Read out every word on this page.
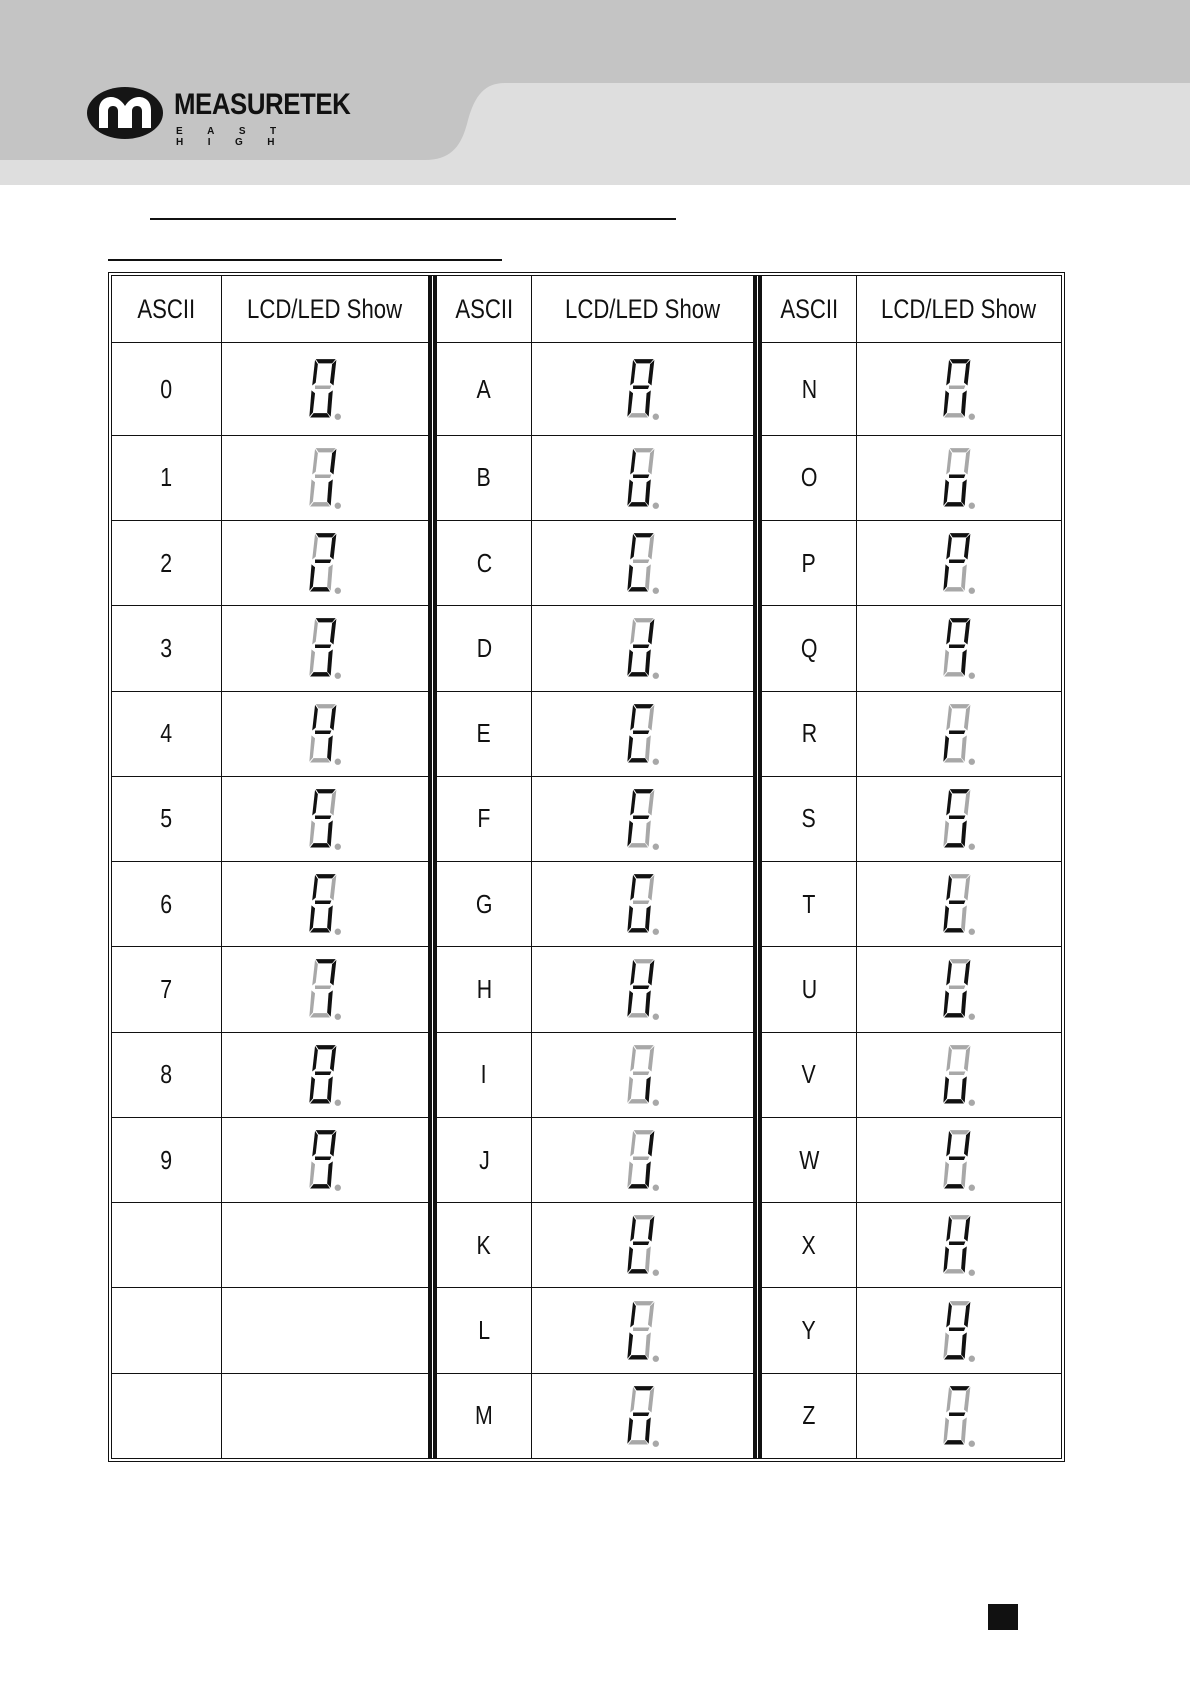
MEASURETEK
EAST HIGH
ASCII LCD/LED Show
0
1
2
3
4
5
6
7
8
9
ASCII LCD/LED Show
A
B
C
D
E
F
G
H
I
J
K
L
M
ASCII LCD/LED Show
N
O
P
Q
R
S
T
U
V
W
X
Y
Z
